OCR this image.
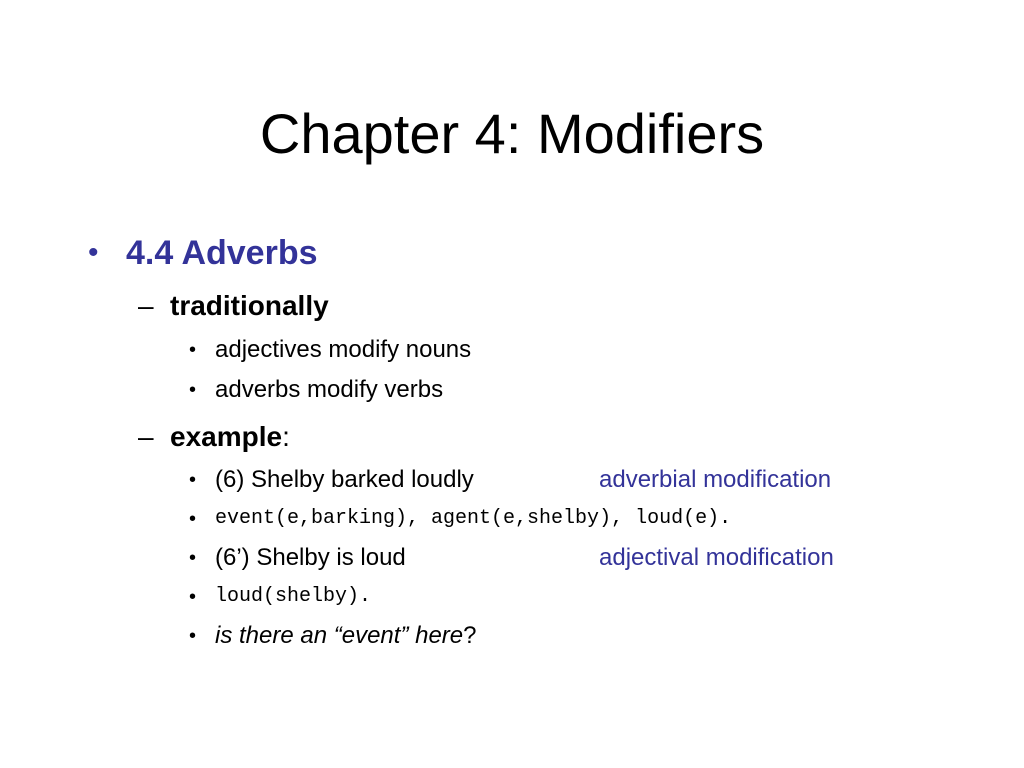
Chapter 4: Modifiers
• 4.4 Adverbs
– traditionally
• adjectives modify nouns
• adverbs modify verbs
– example:
• (6) Shelby barked loudly	adverbial modification
• event(e,barking), agent(e,shelby), loud(e).
• (6’) Shelby is loud	adjectival modification
• loud(shelby).
• is there an “event” here?
